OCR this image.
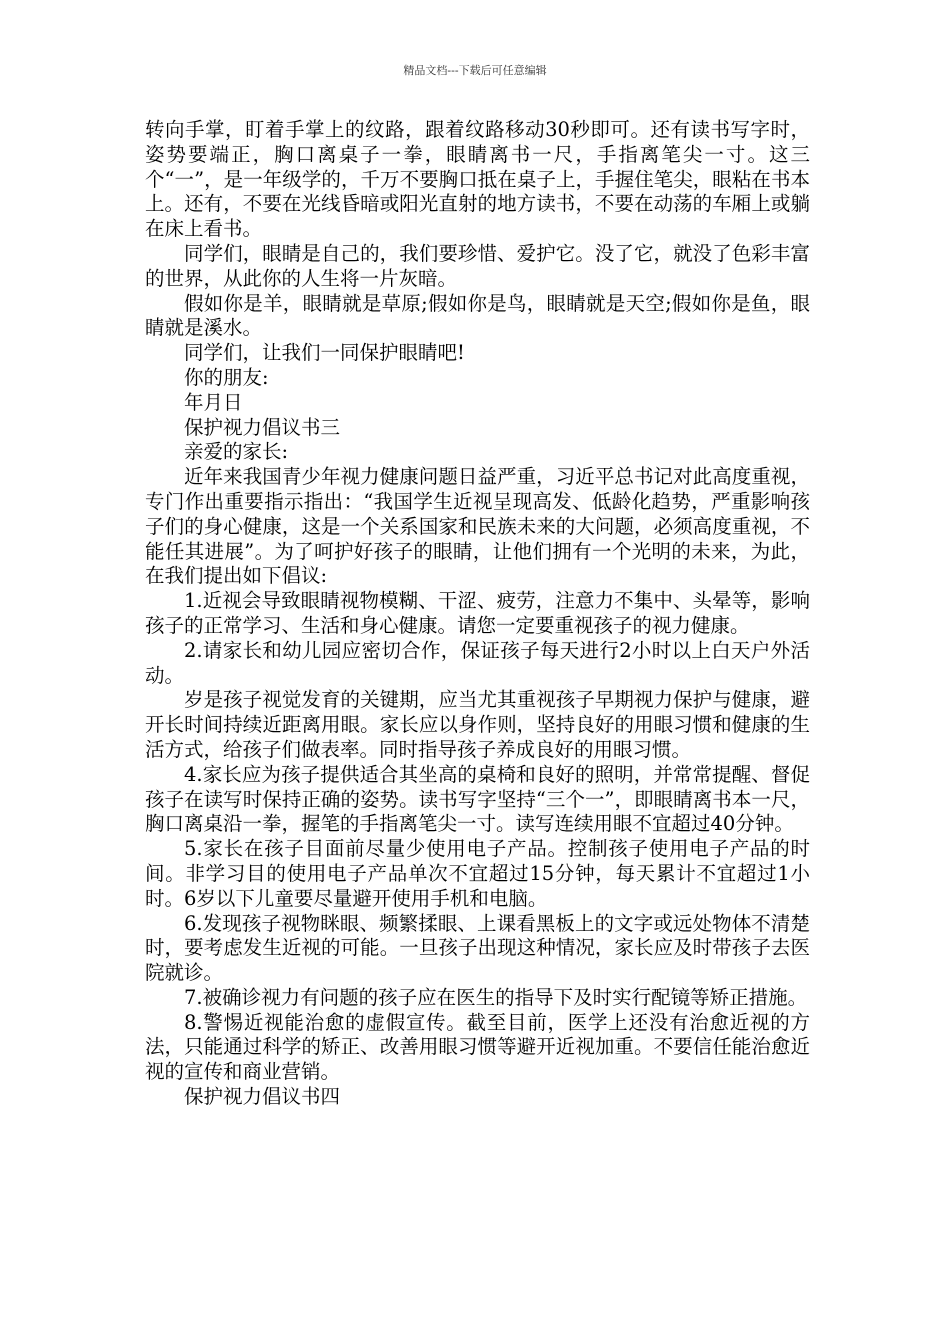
精品文档---下载后可任意编辑

转向手掌，盯着手掌上的纹路，跟着纹路移动30秒即可。还有读书写字时，姿势要端正，胸口离桌子一拳，眼睛离书一尺，手指离笔尖一寸。这三个“一”，是一年级学的，千万不要胸口抵在桌子上，手握住笔尖，眼粘在书本上。还有，不要在光线昏暗或阳光直射的地方读书，不要在动荡的车厢上或躺在床上看书。

同学们，眼睛是自己的，我们要珍惜、爱护它。没了它，就没了色彩丰富的世界，从此你的人生将一片灰暗。

假如你是羊，眼睛就是草原;假如你是鸟，眼睛就是天空;假如你是鱼，眼睛就是溪水。

同学们，让我们一同保护眼睛吧!

你的朋友:

年月日

保护视力倡议书三

亲爱的家长:

近年来我国青少年视力健康问题日益严重，习近平总书记对此高度重视，专门作出重要指示指出：“我国学生近视呈现高发、低龄化趋势，严重影响孩子们的身心健康，这是一个关系国家和民族未来的大问题，必须高度重视，不能任其进展”。为了呵护好孩子的眼睛，让他们拥有一个光明的未来，为此，在我们提出如下倡议:

1.近视会导致眼睛视物模糊、干涩、疲劳，注意力不集中、头晕等，影响孩子的正常学习、生活和身心健康。请您一定要重视孩子的视力健康。

2.请家长和幼儿园应密切合作，保证孩子每天进行2小时以上白天户外活动。

岁是孩子视觉发育的关键期，应当尤其重视孩子早期视力保护与健康，避开长时间持续近距离用眼。家长应以身作则，坚持良好的用眼习惯和健康的生活方式，给孩子们做表率。同时指导孩子养成良好的用眼习惯。

4.家长应为孩子提供适合其坐高的桌椅和良好的照明，并常常提醒、督促孩子在读写时保持正确的姿势。读书写字坚持“三个一”，即眼睛离书本一尺，胸口离桌沿一拳，握笔的手指离笔尖一寸。读写连续用眼不宜超过40分钟。

5.家长在孩子目面前尽量少使用电子产品。控制孩子使用电子产品的时间。非学习目的使用电子产品单次不宜超过15分钟，每天累计不宜超过1小时。6岁以下儿童要尽量避开使用手机和电脑。

6.发现孩子视物眯眼、频繁揉眼、上课看黑板上的文字或远处物体不清楚时，要考虑发生近视的可能。一旦孩子出现这种情况，家长应及时带孩子去医院就诊。

7.被确诊视力有问题的孩子应在医生的指导下及时实行配镜等矫正措施。

8.警惕近视能治愈的虚假宣传。截至目前，医学上还没有治愈近视的方法，只能通过科学的矫正、改善用眼习惯等避开近视加重。不要信任能治愈近视的宣传和商业营销。

保护视力倡议书四
